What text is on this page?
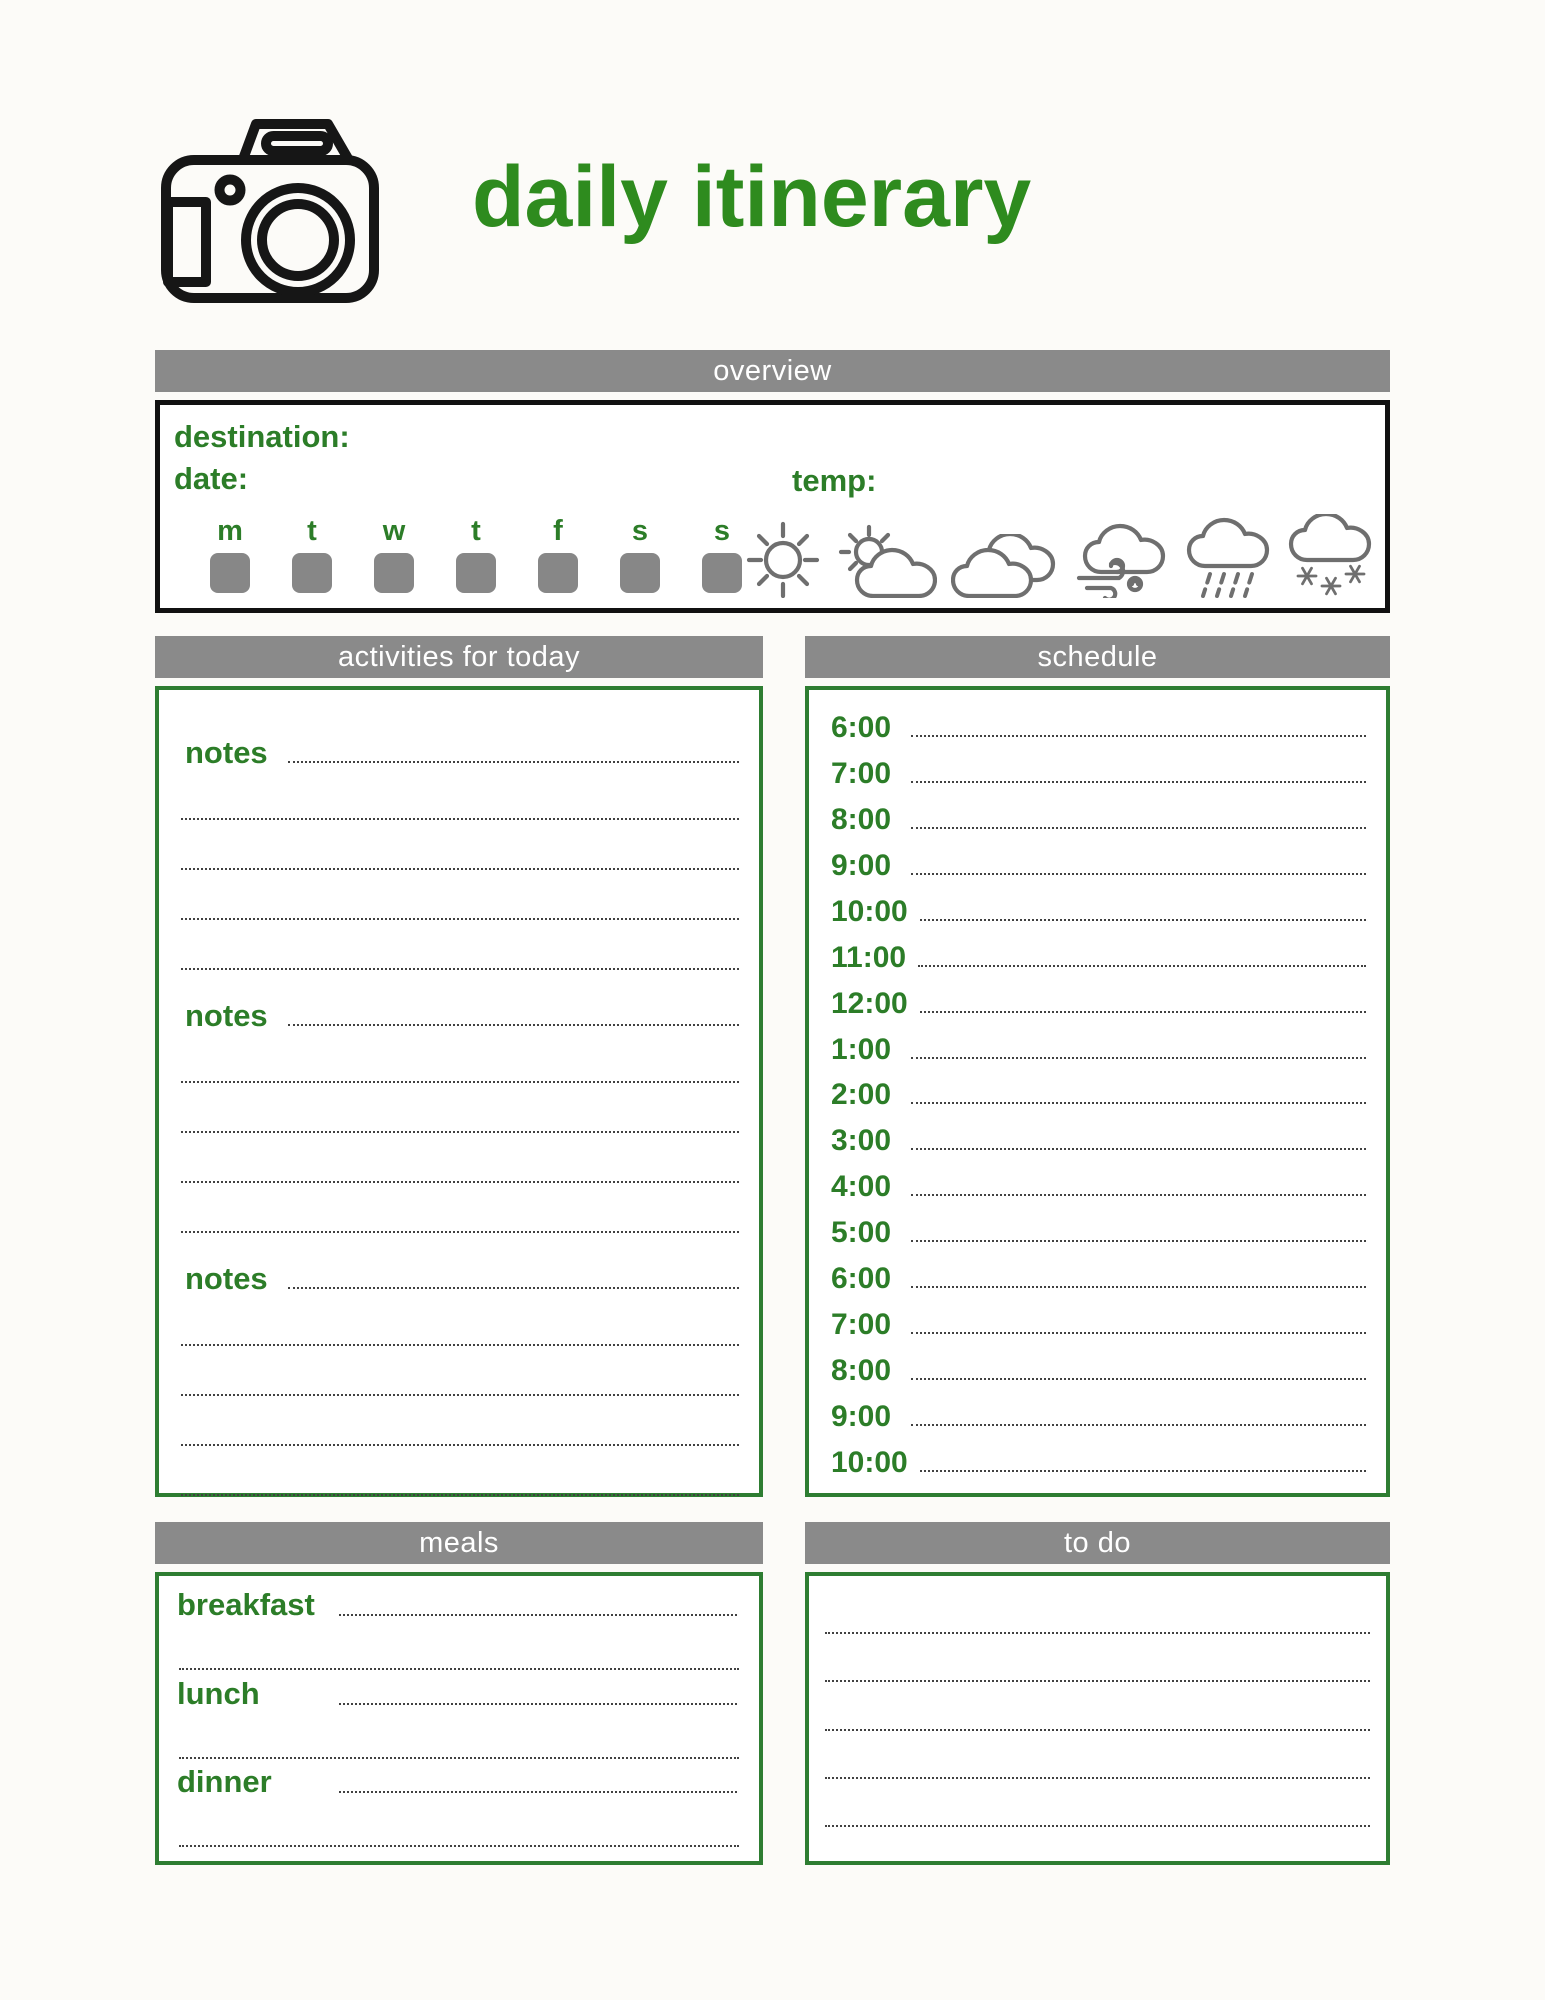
daily itinerary
overview
destination:
date:	temp:
m t w t f s s
activities for today
notes
notes
notes
schedule
6:00
7:00
8:00
9:00
10:00
11:00
12:00
1:00
2:00
3:00
4:00
5:00
6:00
7:00
8:00
9:00
10:00
meals
breakfast
lunch
dinner
to do
